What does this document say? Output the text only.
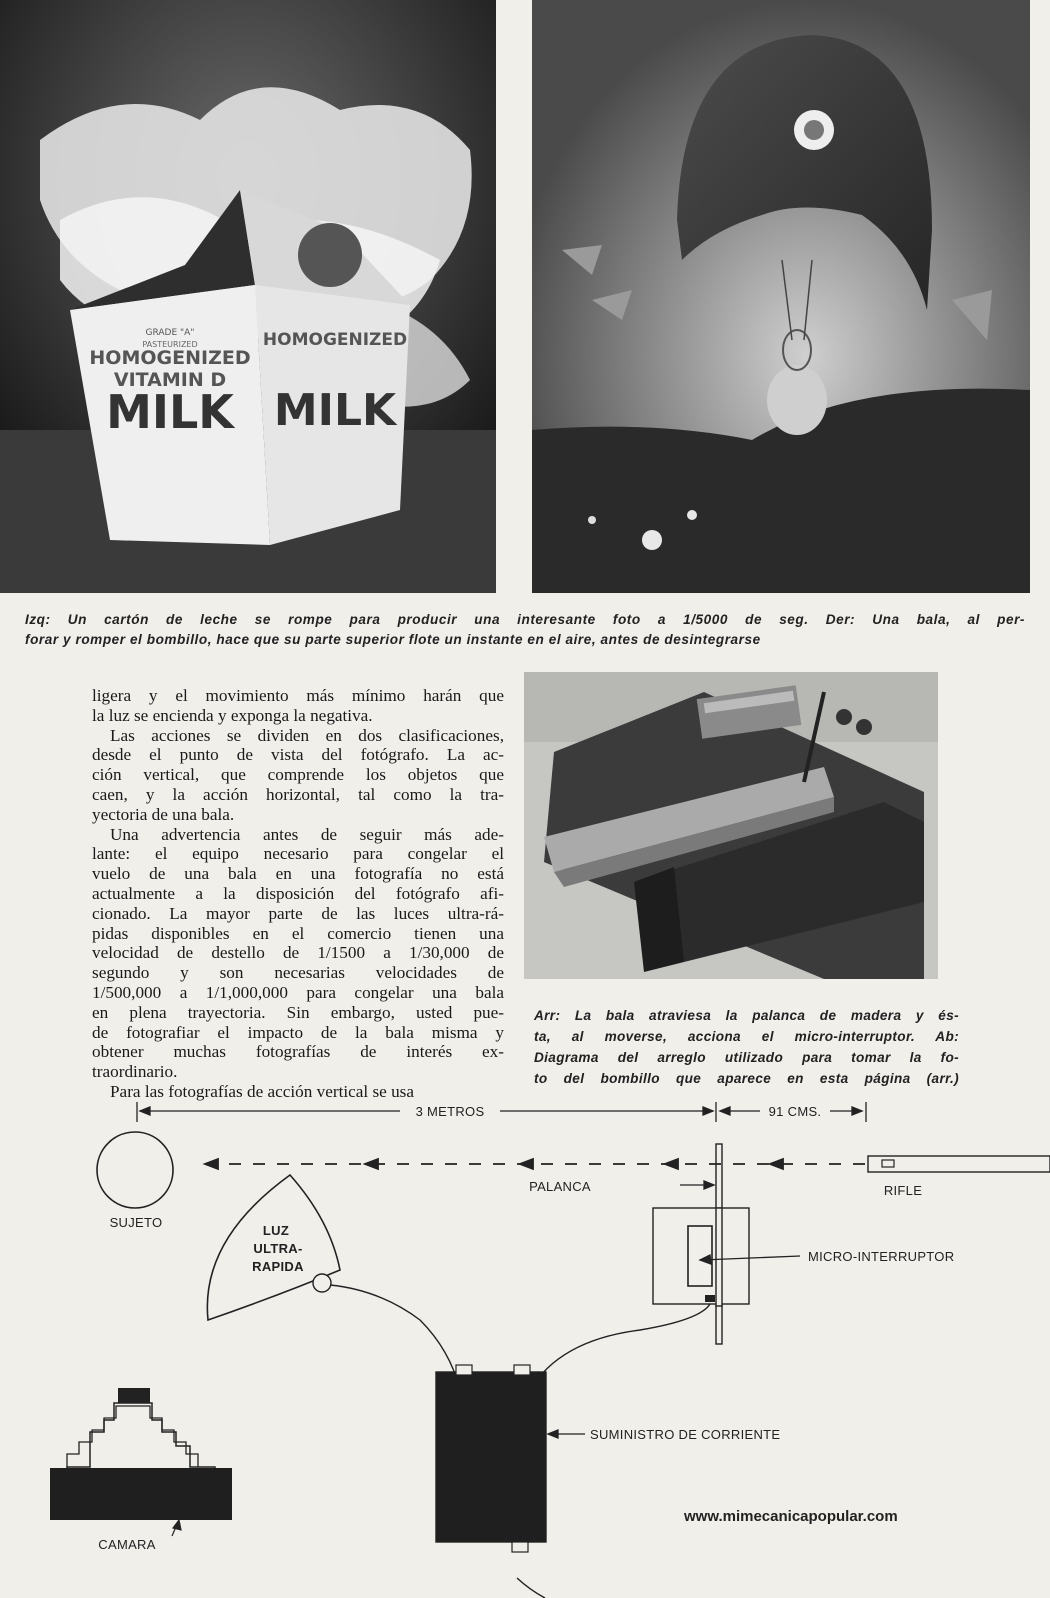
GRADE "A"
PASTEURIZED
HOMOGENIZED
VITAMIN D
MILK
HOMOGENIZED
MILK
Izq: Un cartón de leche se rompe para producir una interesante foto a 1/5000 de seg. Der: Una bala, al per-
forar y romper el bombillo, hace que su parte superior flote un instante en el aire, antes de desintegrarse
ligera y el movimiento más mínimo harán que
la luz se encienda y exponga la negativa.
Las acciones se dividen en dos clasificaciones,
desde el punto de vista del fotógrafo. La ac-
ción vertical, que comprende los objetos que
caen, y la acción horizontal, tal como la tra-
yectoria de una bala.
Una advertencia antes de seguir más ade-
lante: el equipo necesario para congelar el
vuelo de una bala en una fotografía no está
actualmente a la disposición del fotógrafo afi-
cionado. La mayor parte de las luces ultra-rá-
pidas disponibles en el comercio tienen una
velocidad de destello de 1/1500 a 1/30,000 de
segundo y son necesarias velocidades de
1/500,000 a 1/1,000,000 para congelar una bala
en plena trayectoria. Sin embargo, usted pue-
de fotografiar el impacto de la bala misma y
obtener muchas fotografías de interés ex-
traordinario.
Para las fotografías de acción vertical se usa
Arr: La bala atraviesa la palanca de madera y és-
ta, al moverse, acciona el micro-interruptor. Ab:
Diagrama del arreglo utilizado para tomar la fo-
to del bombillo que aparece en esta página (arr.)
3 METROS	91 CMS.
SUJETO
RIFLE
PALANCA
MICRO-INTERRUPTOR
LUZ
ULTRA-
RAPIDA
SUMINISTRO DE CORRIENTE
CAMARA
www.mimecanicapopular.com
